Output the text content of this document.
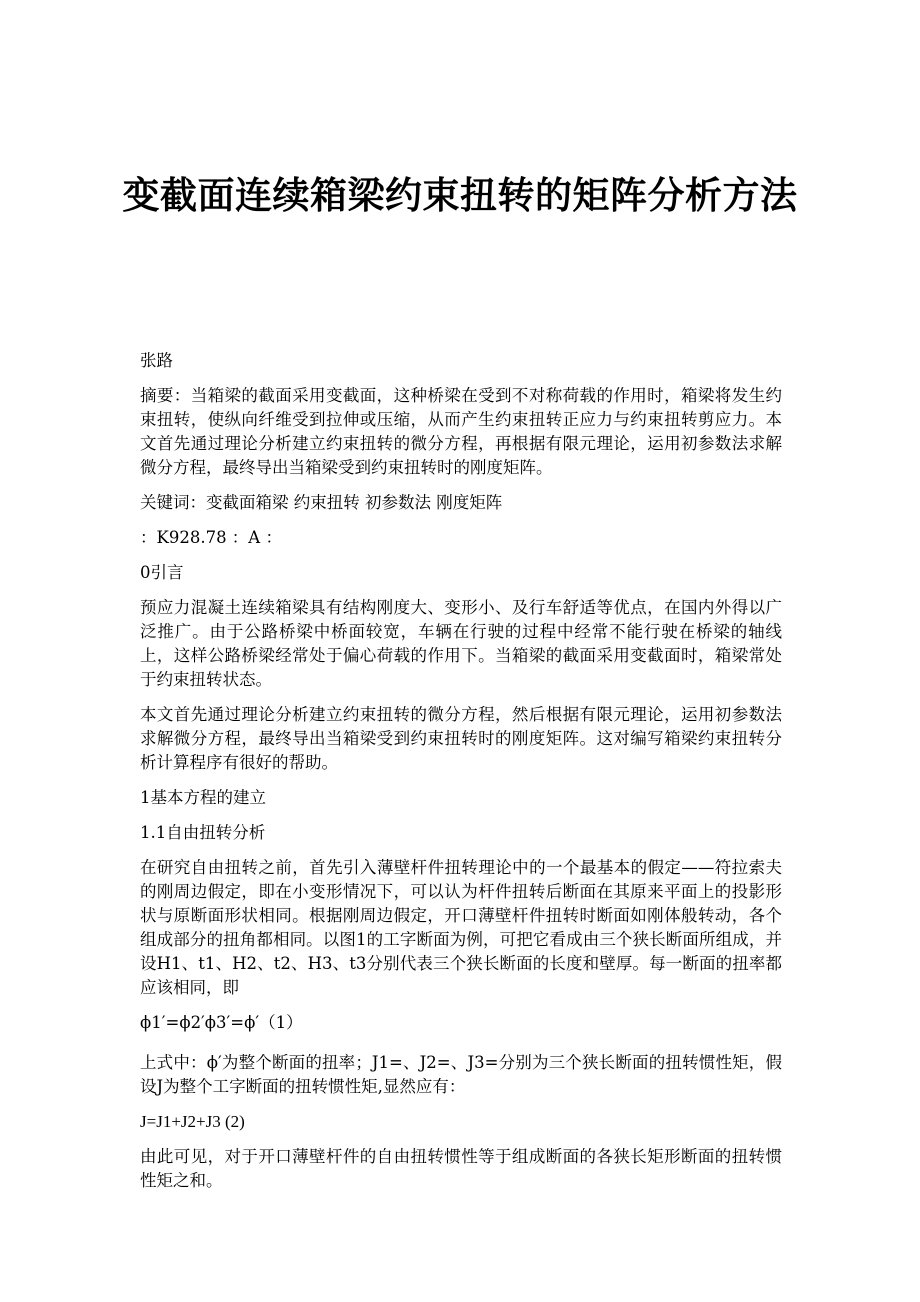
变截面连续箱梁约束扭转的矩阵分析方法

张路

摘要：当箱梁的截面采用变截面，这种桥梁在受到不对称荷载的作用时，箱梁将发生约束扭转，使纵向纤维受到拉伸或压缩，从而产生约束扭转正应力与约束扭转剪应力。本文首先通过理论分析建立约束扭转的微分方程，再根据有限元理论，运用初参数法求解微分方程，最终导出当箱梁受到约束扭转时的刚度矩阵。

关键词：变截面箱梁 约束扭转 初参数法 刚度矩阵

：K928.78 ：A ：

0引言

预应力混凝土连续箱梁具有结构刚度大、变形小、及行车舒适等优点，在国内外得以广泛推广。由于公路桥梁中桥面较宽，车辆在行驶的过程中经常不能行驶在桥梁的轴线上，这样公路桥梁经常处于偏心荷载的作用下。当箱梁的截面采用变截面时，箱梁常处于约束扭转状态。

本文首先通过理论分析建立约束扭转的微分方程，然后根据有限元理论，运用初参数法求解微分方程，最终导出当箱梁受到约束扭转时的刚度矩阵。这对编写箱梁约束扭转分析计算程序有很好的帮助。

1基本方程的建立

1.1自由扭转分析

在研究自由扭转之前，首先引入薄壁杆件扭转理论中的一个最基本的假定——符拉索夫的刚周边假定，即在小变形情况下，可以认为杆件扭转后断面在其原来平面上的投影形状与原断面形状相同。根据刚周边假定，开口薄壁杆件扭转时断面如刚体般转动，各个组成部分的扭角都相同。以图1的工字断面为例，可把它看成由三个狭长断面所组成，并设H1、t1、H2、t2、H3、t3分别代表三个狭长断面的长度和壁厚。每一断面的扭率都应该相同，即

ϕ1′=ϕ2′ϕ3′=ϕ′（1）

上式中：ϕ′为整个断面的扭率；J1=、J2=、J3=分别为三个狭长断面的扭转惯性矩，假设J为整个工字断面的扭转惯性矩,显然应有：

J=J1+J2+J3 (2)

由此可见，对于开口薄壁杆件的自由扭转惯性等于组成断面的各狭长矩形断面的扭转惯性矩之和。
